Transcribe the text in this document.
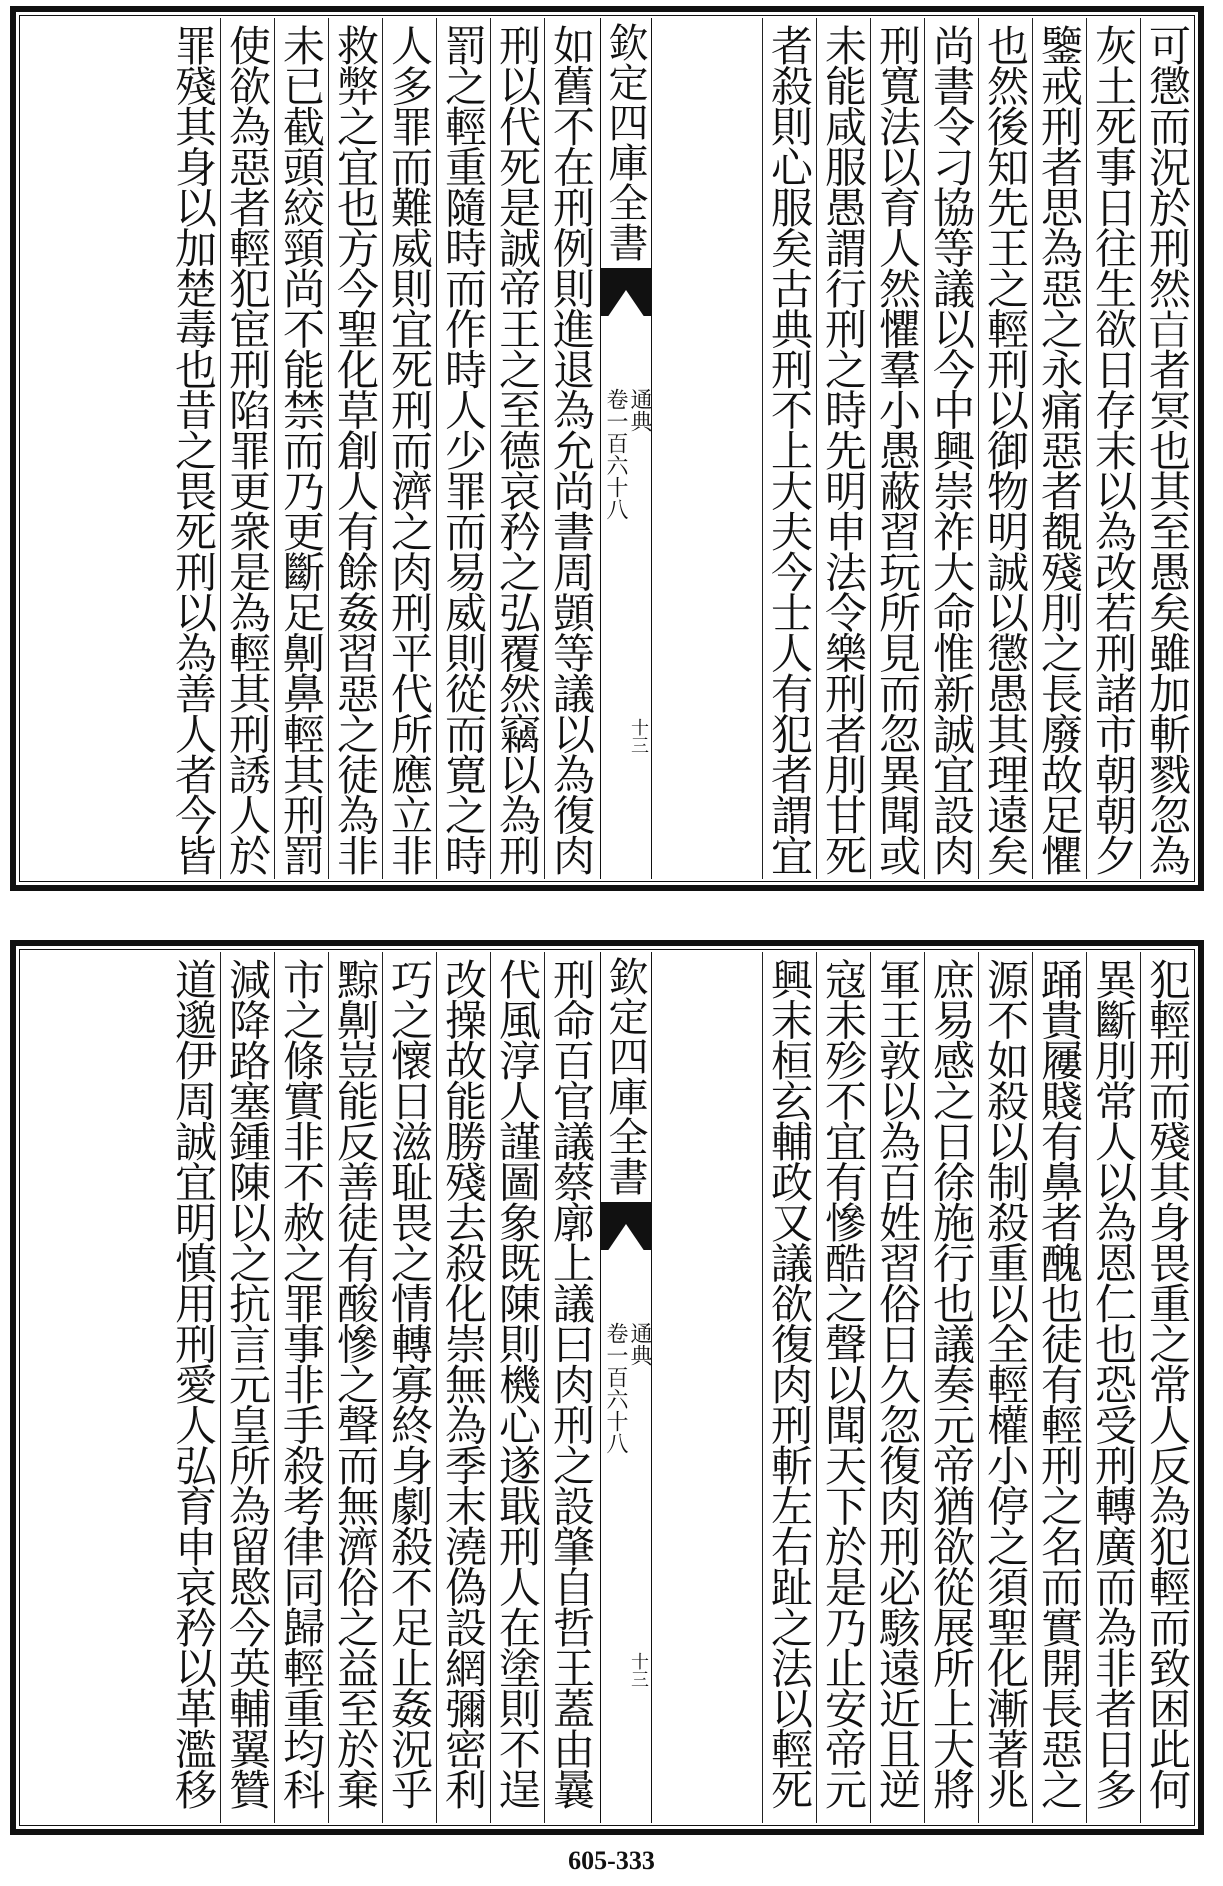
可懲而況於刑然𣅀者冥也其至愚矣雖加斬戮忽為
灰土死事日往生欲日存末以為改若刑諸市朝朝夕
鑒戒刑者思為惡之永痛惡者覩殘刖之長廢故足懼
也然後知先王之輕刑以御物明誠以懲愚其理遠矣
尚書令刁協等議以今中興崇祚大命惟新誠宜設肉
刑寬法以育人然懼羣小愚蔽習玩所見而忽異聞或
未能咸服愚謂行刑之時先明申法令樂刑者刖甘死
者殺則心服矣古典刑不上大夫今士人有犯者謂宜
欽定四庫全書
通典
卷一百六十八
十三
如舊不在刑例則進退為允尚書周顗等議以為復肉
刑以代死是誠帝王之至德哀矜之弘覆然竊以為刑
罰之輕重隨時而作時人少罪而易威則從而寛之時
人多罪而難威則宜死刑而濟之肉刑平代所應立非
救弊之宜也方今聖化草創人有餘姦習惡之徒為非
未已截頭絞頸尚不能禁而乃更斷足劓鼻輕其刑罰
使欲為惡者輕犯宦刑陷罪更衆是為輕其刑誘人於
罪殘其身以加楚毒也昔之畏死刑以為善人者今皆
犯輕刑而殘其身畏重之常人反為犯輕而致困此何
異斷刖常人以為恩仁也恐受刑轉廣而為非者日多
踊貴屨賤有鼻者醜也徒有輕刑之名而實開長惡之
源不如殺以制殺重以全輕權小停之須聖化漸著兆
庶易感之日徐施行也議奏元帝猶欲從展所上大將
軍王敦以為百姓習俗日久忽復肉刑必駭遠近且逆
寇未殄不宜有慘酷之聲以聞天下於是乃止安帝元
興末桓玄輔政又議欲復肉刑斬左右趾之法以輕死
欽定四庫全書
通典
卷一百六十八
十三
刑命百官議蔡廓上議曰肉刑之設肇自哲王蓋由曩
代風淳人謹圖象既陳則機心遂戢刑人在塗則不逞
改操故能勝殘去殺化崇無為季末澆偽設網彌密利
巧之懷日滋耻畏之情轉寡終身劇殺不足止姦況乎
黥劓豈能反善徒有酸慘之聲而無濟俗之益至於棄
市之條實非不赦之罪事非手殺考律同歸輕重均科
減降路塞鍾陳以之抗言元皇所為留愍今英輔翼贊
道邈伊周誠宜明慎用刑愛人弘育申哀矜以革濫移
605-333
